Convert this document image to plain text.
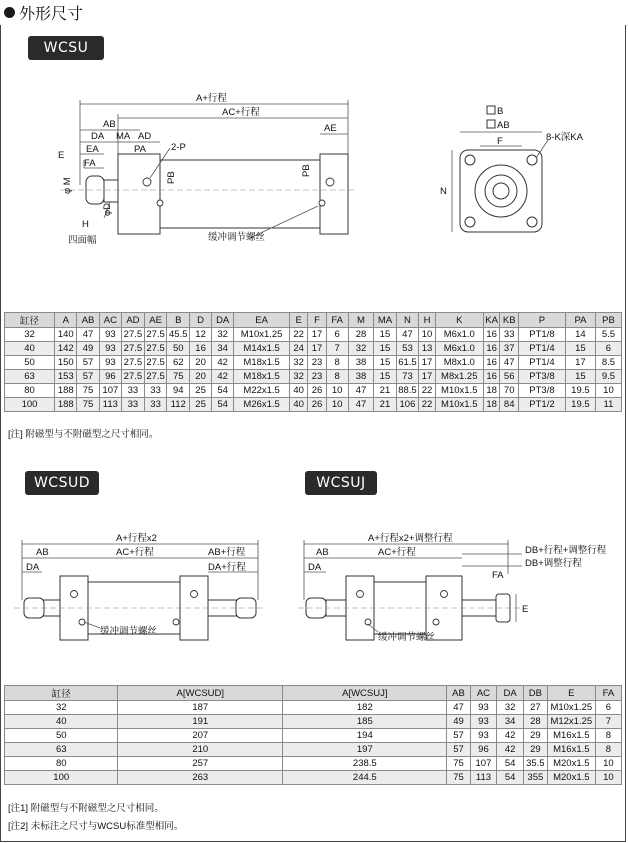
外形尺寸
WCSU
A+行程
AC+行程
AB
DA MA AD
EA	PA	2-P
AE
E
FA
φ M	PB
PB
φD
H
四面幅	缓冲调节螺丝
B
AB
F	8-K深KA
N
缸径	A	AB	AC	AD	AE	B	D	DA	EA	E	F	FA	M	MA	N	H	K	KA	KB	P	PA	PB
32	140	47	93	27.5	27.5	45.5	12	32	M10x1.25	22	17	6	28	15	47	10	M6x1.0	16	33	PT1/8	14	5.5
40	142	49	93	27.5	27.5	50	16	34	M14x1.5	24	17	7	32	15	53	13	M6x1.0	16	37	PT1/4	15	6
50	150	57	93	27.5	27.5	62	20	42	M18x1.5	32	23	8	38	15	61.5	17	M8x1.0	16	47	PT1/4	17	8.5
63	153	57	96	27.5	27.5	75	20	42	M18x1.5	32	23	8	38	15	73	17	M8x1.25	16	56	PT3/8	15	9.5
80	188	75	107	33	33	94	25	54	M22x1.5	40	26	10	47	21	88.5	22	M10x1.5	18	70	PT3/8	19.5	10
100	188	75	113	33	33	112	25	54	M26x1.5	40	26	10	47	21	106	22	M10x1.5	18	84	PT1/2	19.5	11
[注] 附磁型与不附磁型之尺寸相同。
WCSUD	WCSUJ
A+行程x2
AB	AC+行程	AB+行程
DA	DA+行程
缓冲调节螺丝
A+行程x2+调整行程
AB	AC+行程	DB+行程+调整行程
DB+调整行程
DA
FA
E
缓冲调节螺丝
缸径	A[WCSUD]	A[WCSUJ]	AB	AC	DA	DB	E	FA
32	187	182	47	93	32	27	M10x1.25	6
40	191	185	49	93	34	28	M12x1.25	7
50	207	194	57	93	42	29	M16x1.5	8
63	210	197	57	96	42	29	M16x1.5	8
80	257	238.5	75	107	54	35.5	M20x1.5	10
100	263	244.5	75	113	54	355	M20x1.5	10
[注1] 附磁型与不附磁型之尺寸相同。
[注2] 未标注之尺寸与WCSU标准型相同。
